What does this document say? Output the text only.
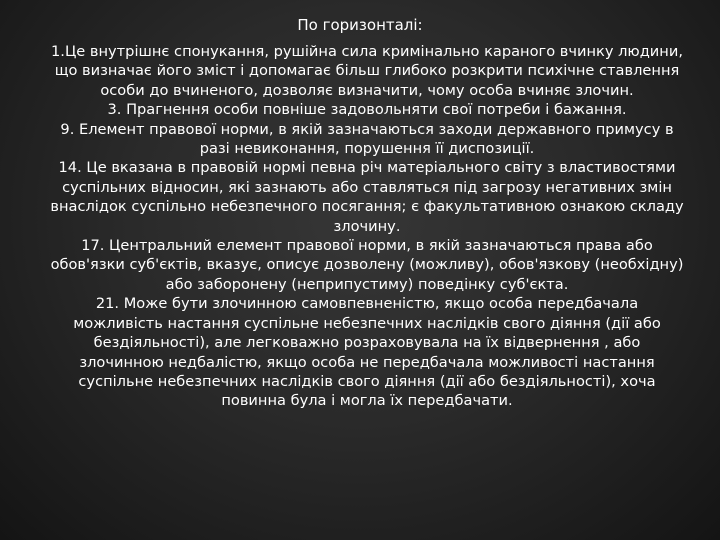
По горизонталі:

1.Це внутрішнє спонукання, рушійна сила кримінально караного вчинку людини, що визначає його зміст і допомагає більш глибоко розкрити психічне ставлення особи до вчиненого, дозволяє визначити, чому особа вчиняє злочин.

3. Прагнення особи повніше задовольняти свої потреби і бажання.

9. Елемент правової норми, в якій зазначаються заходи державного примусу в разі невиконання, порушення її диспозиції.

14. Це вказана в правовій нормі певна річ матеріального світу з властивостями суспільних відносин, які зазнають або ставляться під загрозу негативних змін внаслідок суспільно небезпечного посягання; є факультативною ознакою складу злочину.

17. Центральний елемент правової норми, в якій зазначаються права або обов'язки суб'єктів, вказує, описує дозволену (можливу), обов'язкову (необхідну) або заборонену (неприпустиму) поведінку суб'єкта.

21. Може бути злочинною самовпевненістю, якщо особа передбачала можливість настання суспільне небезпечних наслідків свого діяння (дії або бездіяльності), але легковажно розраховувала на їх відвернення , або злочинною недбалістю, якщо особа не передбачала можливості настання суспільне небезпечних наслідків свого діяння (дії або бездіяльності), хоча повинна була і могла їх передбачати.
